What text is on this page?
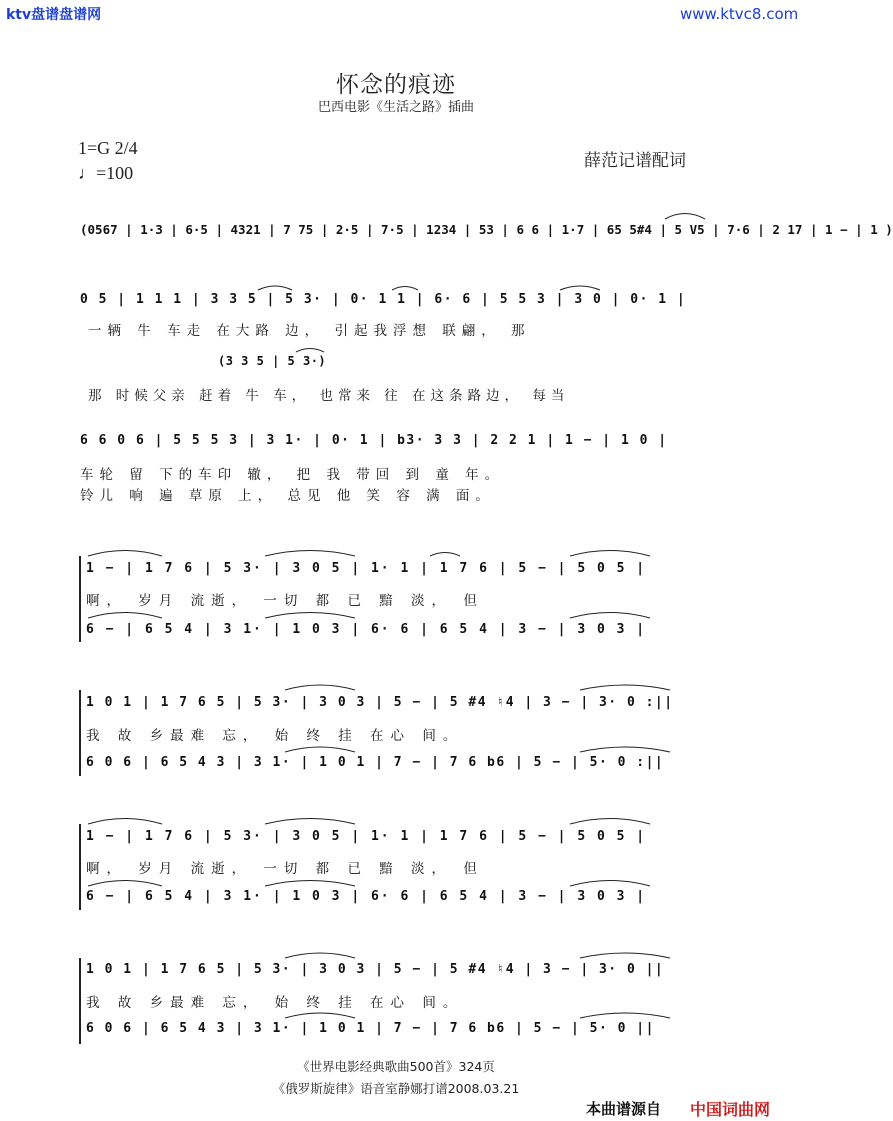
ktv盘谱盘谱网	www.ktvc8.com
怀念的痕迹
巴西电影《生活之路》插曲
1=G 2/4
♩=100
薛范记谱配词
(0567 | 1·3 | 6·5 | 4321 | 7 75 | 2·5 | 7·5 | 1234 | 53 | 6 6 | 1·7 | 65 5#4 | 5 V5 | 7·6 | 2 17 | 1 − | 1 )
0 5 | 1 1 1 | 3 3 5 | 5 3· | 0· 1 1 | 6· 6 | 5 5 3 | 3 0 | 0· 1 |
一辆 牛 车走 在大路 边， 引起我浮想 联翩， 那
(3 3 5 | 5 3·)
那 时候父亲 赶着 牛 车， 也常来 往 在这条路边， 每当
6 6 0 6 | 5 5 5 3 | 3 1· | 0· 1 | b3· 3 3 | 2 2 1 | 1 − | 1 0 |
车轮 留 下的车印 辙， 把 我 带回 到 童 年。
铃儿 响 遍 草原 上， 总见 他 笑 容 满 面。
1 − | 1 7 6 | 5 3· | 3 0 5 | 1· 1 | 1 7 6 | 5 − | 5 0 5 |
啊， 岁月 流逝， 一切 都 已 黯 淡， 但
6 − | 6 5 4 | 3 1· | 1 0 3 | 6· 6 | 6 5 4 | 3 − | 3 0 3 |
1 0 1 | 1 7 6 5 | 5 3· | 3 0 3 | 5 − | 5 #4 ♮4 | 3 − | 3· 0 :||
我 故 乡最难 忘， 始 终 挂 在心 间。
6 0 6 | 6 5 4 3 | 3 1· | 1 0 1 | 7 − | 7 6 b6 | 5 − | 5· 0 :||
1 − | 1 7 6 | 5 3· | 3 0 5 | 1· 1 | 1 7 6 | 5 − | 5 0 5 |
啊， 岁月 流逝， 一切 都 已 黯 淡， 但
6 − | 6 5 4 | 3 1· | 1 0 3 | 6· 6 | 6 5 4 | 3 − | 3 0 3 |
1 0 1 | 1 7 6 5 | 5 3· | 3 0 3 | 5 − | 5 #4 ♮4 | 3 − | 3· 0 ||
我 故 乡最难 忘， 始 终 挂 在心 间。
6 0 6 | 6 5 4 3 | 3 1· | 1 0 1 | 7 − | 7 6 b6 | 5 − | 5· 0 ||
《世界电影经典歌曲500首》324页
《俄罗斯旋律》语音室静娜打谱2008.03.21
本曲谱源自 中国词曲网
